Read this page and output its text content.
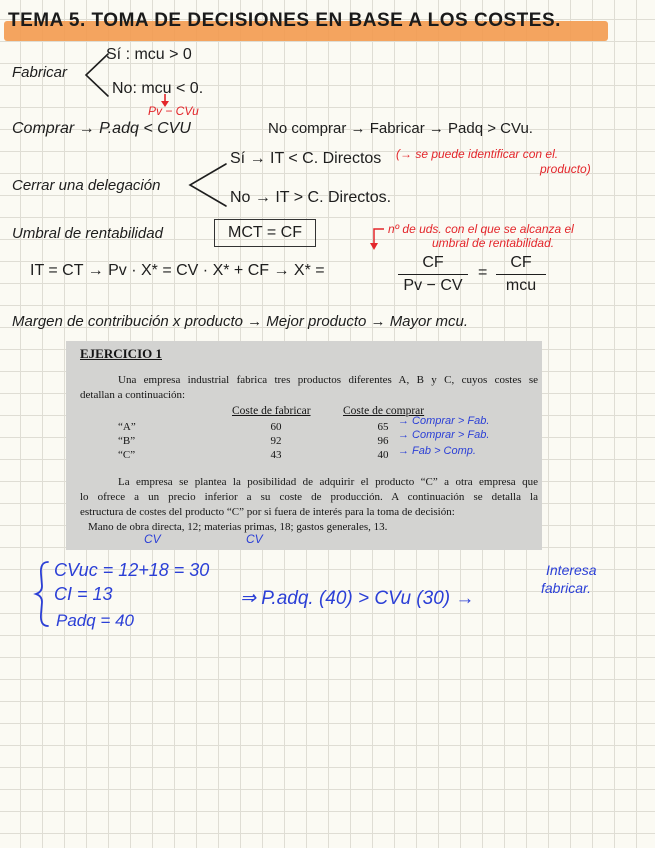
TEMA 5. TOMA DE DECISIONES EN BASE A LOS COSTES.
Fabricar
Sí : mcu > 0
No: mcu < 0.
Pv − CVu
Comprar → P.adq < CVU	No comprar → Fabricar → Padq > CVu.
Cerrar una delegación
Sí → IT < C. Directos (→ se puede identificar con el.
producto)
No → IT > C. Directos.
Umbral de rentabilidad	MCT = CF	nº de uds. con el que se alcanza el
umbral de rentabilidad.
IT = CT → Pv · X* = CV · X* + CF → X* =	CF
Pv − CV
=
CF
mcu
Margen de contribución x producto → Mejor producto → Mayor mcu.
EJERCICIO 1
Una empresa industrial fabrica tres productos diferentes A, B y C, cuyos costes se
detallan a continuación:
Coste de fabricar	Coste de comprar
“A”	60	65 → Comprar > Fab.
“B”	92	96 → Comprar > Fab.
“C”	43	40 → Fab > Comp.
La empresa se plantea la posibilidad de adquirir el producto “C” a otra empresa que
lo ofrece a un precio inferior a su coste de producción. A continuación se detalla la
estructura de costes del producto “C” por si fuera de interés para la toma de decisión:
Mano de obra directa, 12; materias primas, 18; gastos generales, 13.
CV	CV
CVuc = 12+18 = 30
CI = 13
Padq = 40
⇒ P.adq. (40) > CVu (30) →
Interesa
fabricar.
